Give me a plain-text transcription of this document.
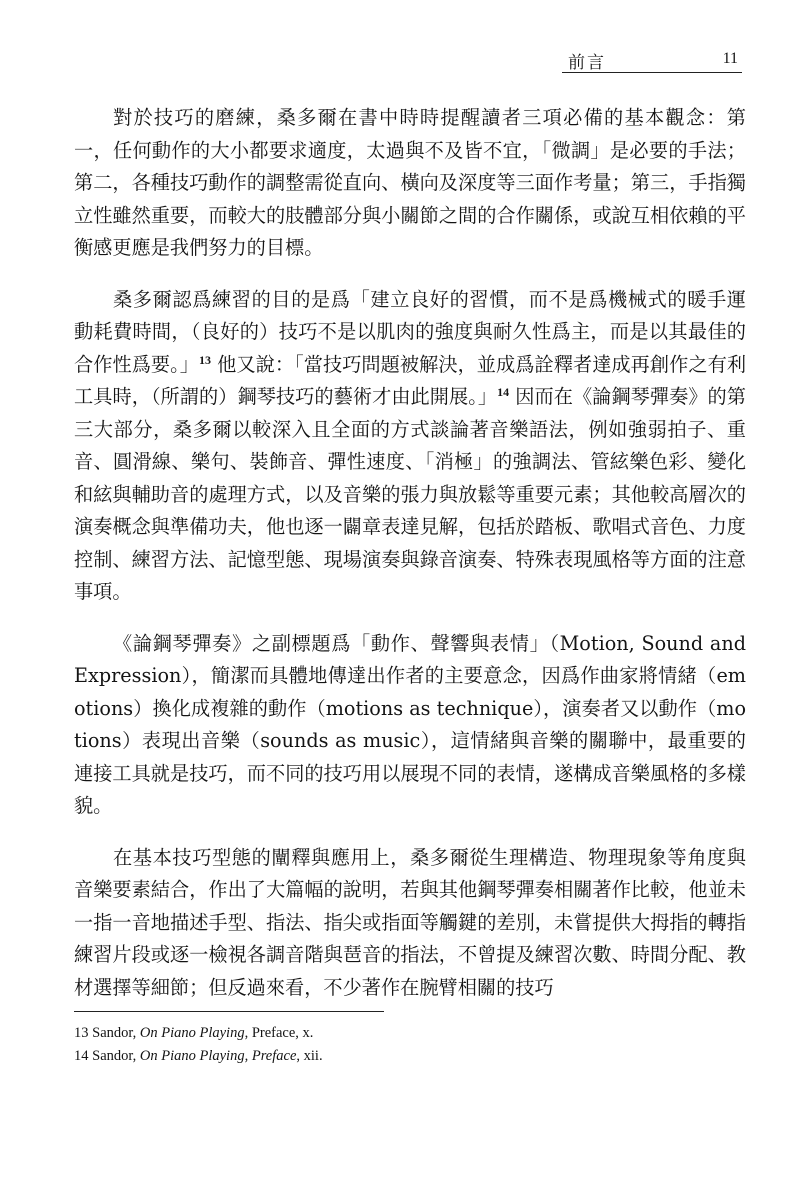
前言	11

對於技巧的磨練，桑多爾在書中時時提醒讀者三項必備的基本觀念：第一，任何動作的大小都要求適度，太過與不及皆不宜，「微調」是必要的手法；第二，各種技巧動作的調整需從直向、橫向及深度等三面作考量；第三，手指獨立性雖然重要，而較大的肢體部分與小關節之間的合作關係，或說互相依賴的平衡感更應是我們努力的目標。

桑多爾認爲練習的目的是爲「建立良好的習慣，而不是爲機械式的暖手運動耗費時間，（良好的）技巧不是以肌肉的強度與耐久性爲主，而是以其最佳的合作性爲要。」$^{13}$ 他又說：「當技巧問題被解決，並成爲詮釋者達成再創作之有利工具時，（所謂的）鋼琴技巧的藝術才由此開展。」$^{14}$ 因而在《論鋼琴彈奏》的第三大部分，桑多爾以較深入且全面的方式談論著音樂語法，例如強弱拍子、重音、圓滑線、樂句、裝飾音、彈性速度、「消極」的強調法、管絃樂色彩、變化和絃與輔助音的處理方式，以及音樂的張力與放鬆等重要元素；其他較高層次的演奏概念與準備功夫，他也逐一闢章表達見解，包括於踏板、歌唱式音色、力度控制、練習方法、記憶型態、現場演奏與錄音演奏、特殊表現風格等方面的注意事項。

《論鋼琴彈奏》之副標題爲「動作、聲響與表情」（Motion, Sound and Expression），簡潔而具體地傳達出作者的主要意念，因爲作曲家將情緒（emotions）換化成複雜的動作（motions as technique），演奏者又以動作（motions）表現出音樂（sounds as music），這情緒與音樂的關聯中，最重要的連接工具就是技巧，而不同的技巧用以展現不同的表情，遂構成音樂風格的多樣貌。

在基本技巧型態的闡釋與應用上，桑多爾從生理構造、物理現象等角度與音樂要素結合，作出了大篇幅的說明，若與其他鋼琴彈奏相關著作比較，他並未一指一音地描述手型、指法、指尖或指面等觸鍵的差別，未嘗提供大拇指的轉指練習片段或逐一檢視各調音階與琶音的指法，不曾提及練習次數、時間分配、教材選擇等細節；但反過來看，不少著作在腕臂相關的技巧

13 Sandor, On Piano Playing, Preface, x.

14 Sandor, On Piano Playing, Preface, xii.
